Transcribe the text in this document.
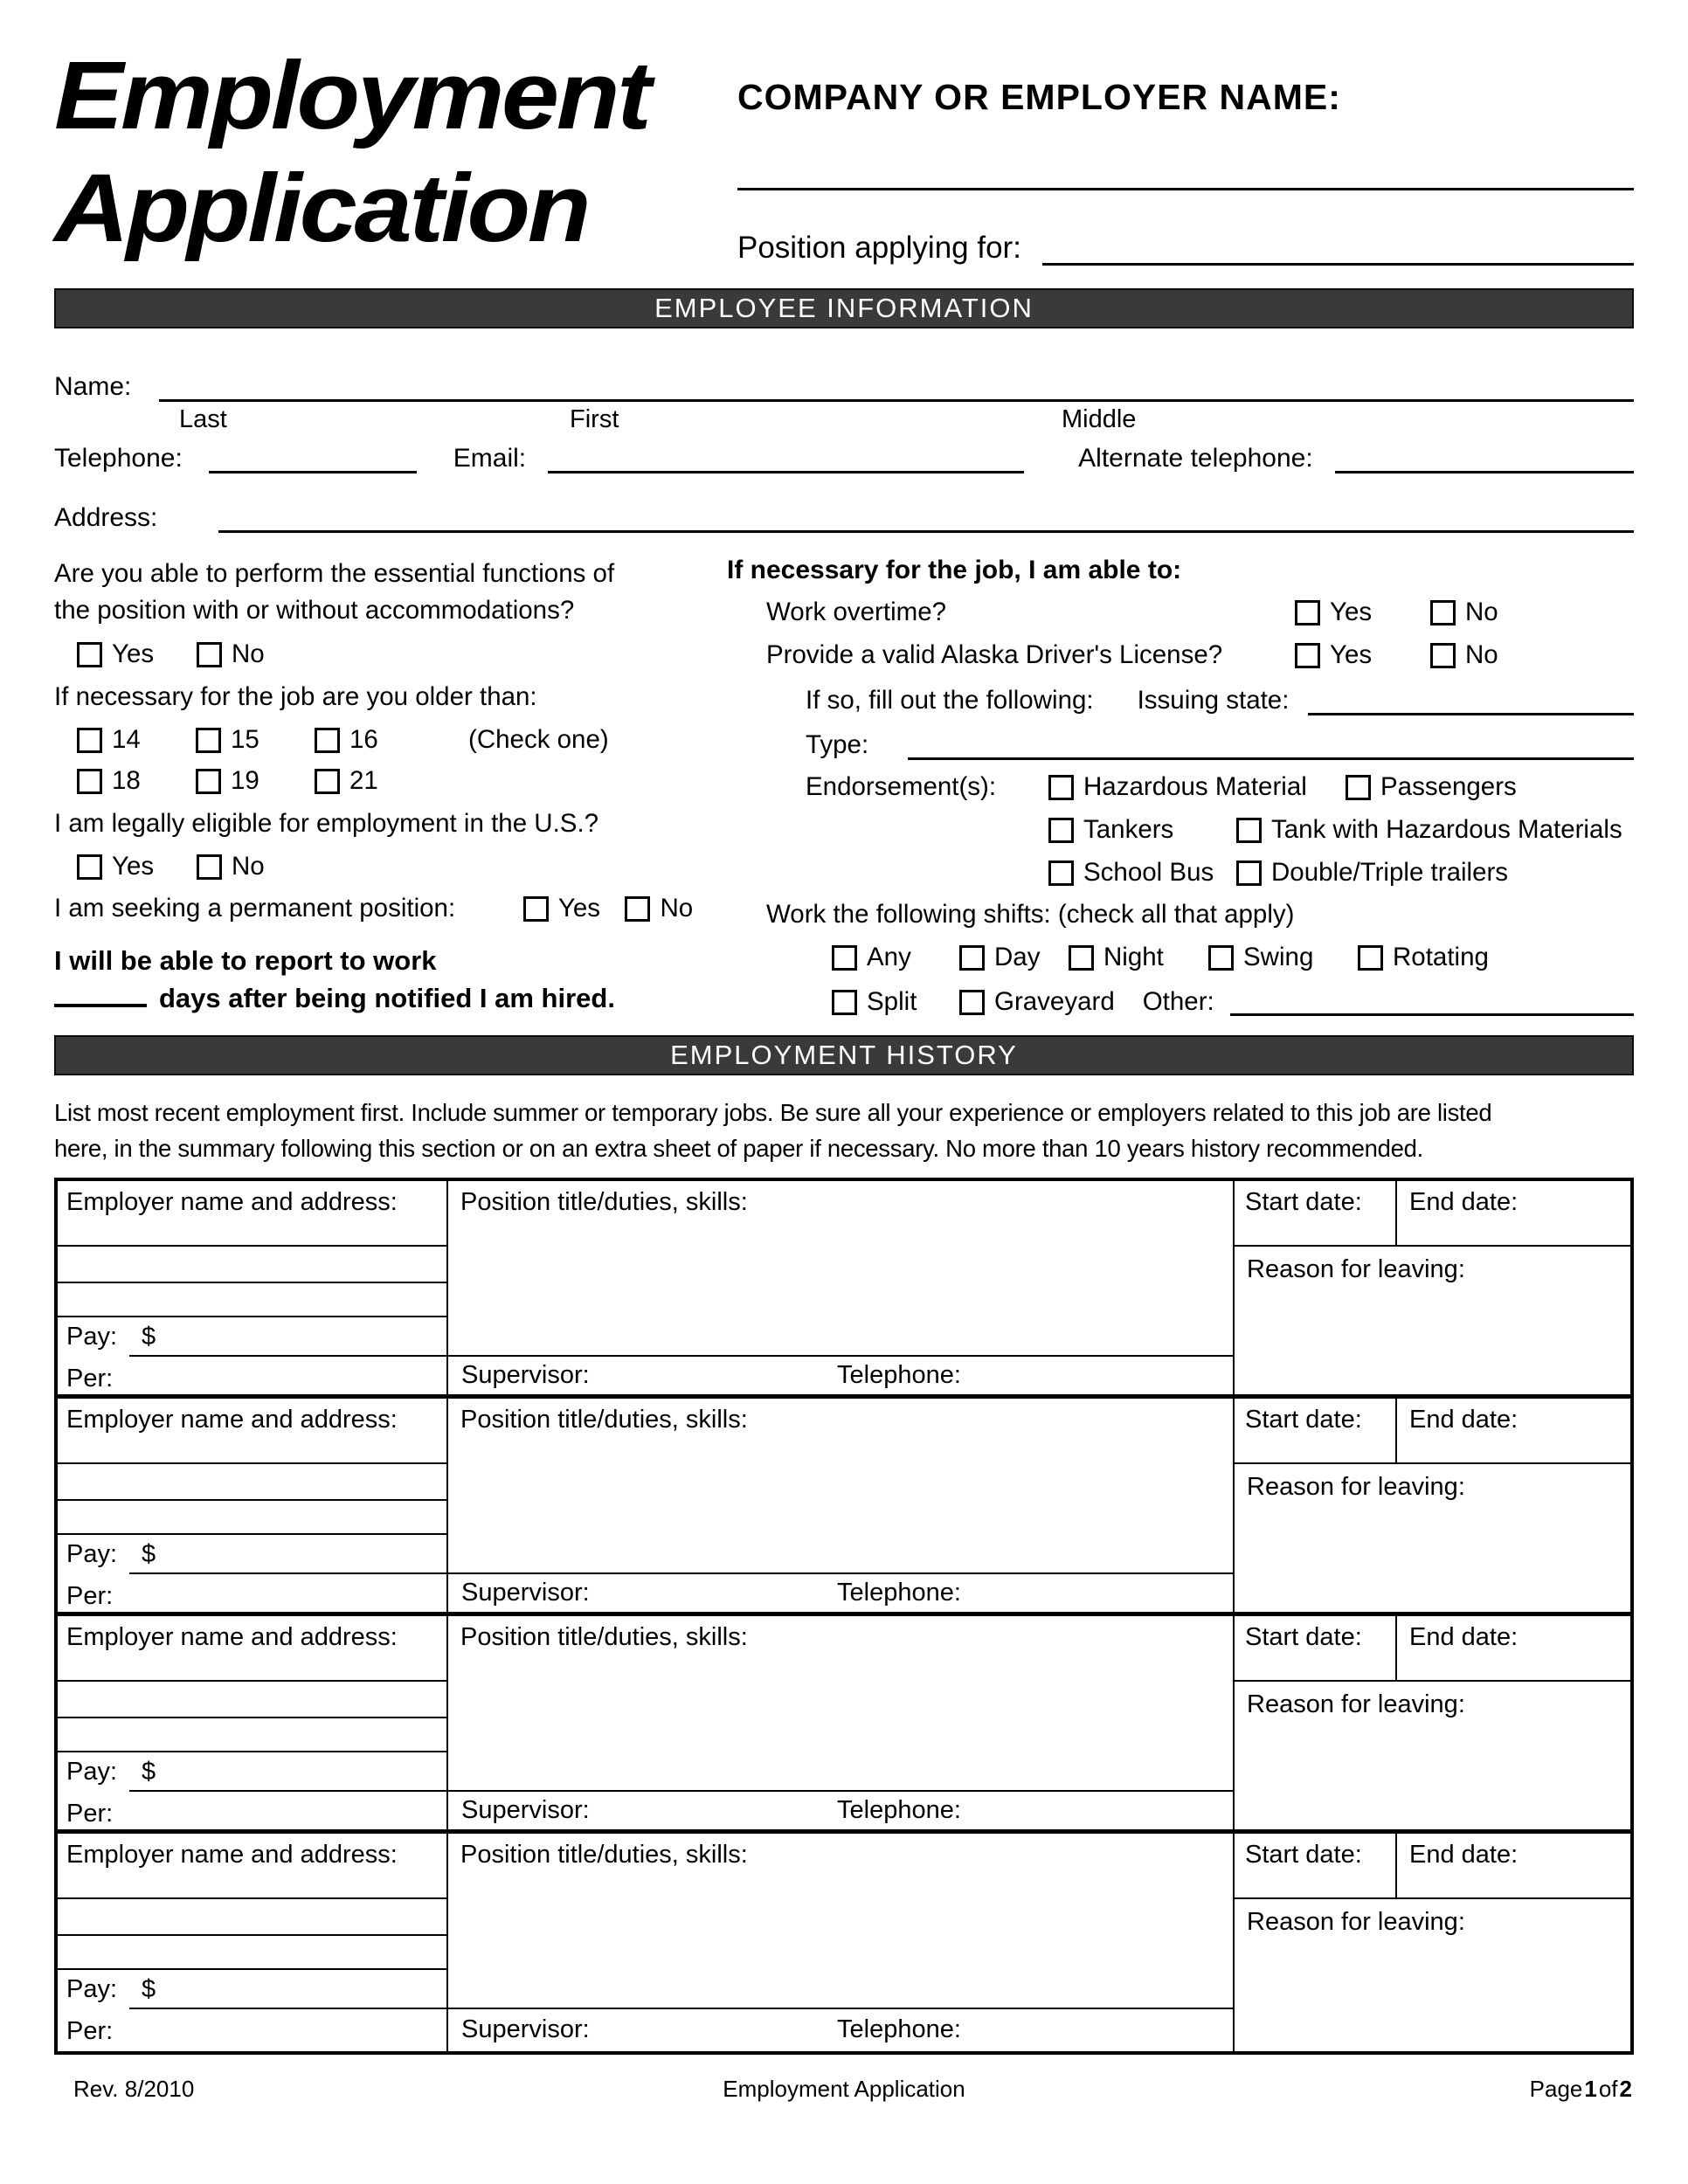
Employment
Application
COMPANY OR EMPLOYER NAME:
Position applying for:
EMPLOYEE INFORMATION
Name:
Last	First	Middle
Telephone:	Email:	Alternate telephone:
Address:
Are you able to perform the essential functions of
the position with or without accommodations?
Yes	No
If necessary for the job are you older than:
14	15	16	(Check one)
18	19	21
I am legally eligible for employment in the U.S.?
Yes	No
I am seeking a permanent position:	Yes No
I will be able to report to work
days after being notified I am hired.
If necessary for the job, I am able to:
Work overtime?	Yes	No
Provide a valid Alaska Driver's License?	Yes	No
If so, fill out the following: Issuing state:
Type:
Endorsement(s):	Hazardous Material	Passengers
Tankers	Tank with Hazardous Materials
School Bus Double/Triple trailers
Work the following shifts: (check all that apply)
Any	Day Night	Swing	Rotating
Split	Graveyard Other:
EMPLOYMENT HISTORY
List most recent employment first. Include summer or temporary jobs. Be sure all your experience or employers related to this job are listed
here, in the summary following this section or on an extra sheet of paper if necessary. No more than 10 years history recommended.
Employer name and address:
Pay: $
Per:
Position title/duties, skills:
Supervisor:	Telephone:
Start date:	End date:
Reason for leaving:
Employer name and address:
Pay: $
Per:
Position title/duties, skills:
Supervisor:	Telephone:
Start date:	End date:
Reason for leaving:
Employer name and address:
Pay: $
Per:
Position title/duties, skills:
Supervisor:	Telephone:
Start date:	End date:
Reason for leaving:
Employer name and address:
Pay: $
Per:
Position title/duties, skills:
Supervisor:	Telephone:
Start date:	End date:
Reason for leaving:
Rev. 8/2010	Employment Application	Page1of2
